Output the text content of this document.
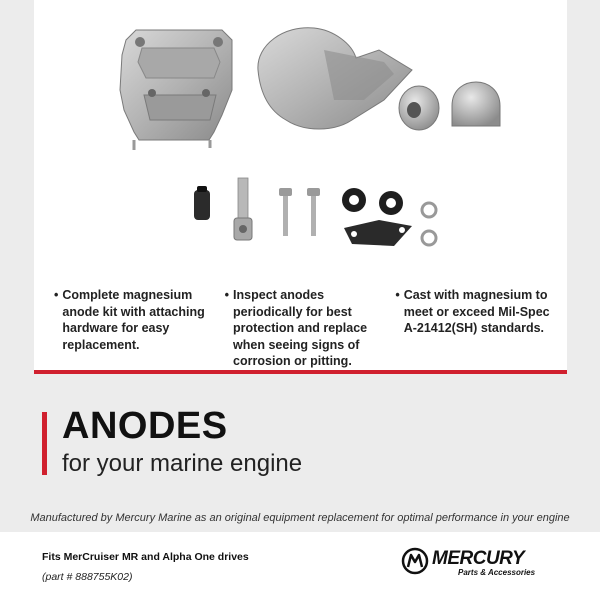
• Complete magnesium anode kit with attaching hardware for easy replacement.
• Inspect anodes periodically for best protection and replace when seeing signs of corrosion or pitting.
• Cast with magnesium to meet or exceed Mil-Spec A-21412(SH) standards.
ANODES
for your marine engine
Manufactured by Mercury Marine as an original equipment replacement for optimal performance in your engine
Fits MerCruiser MR and Alpha One drives
(part # 888755K02)
MERCURY
Parts & Accessories
